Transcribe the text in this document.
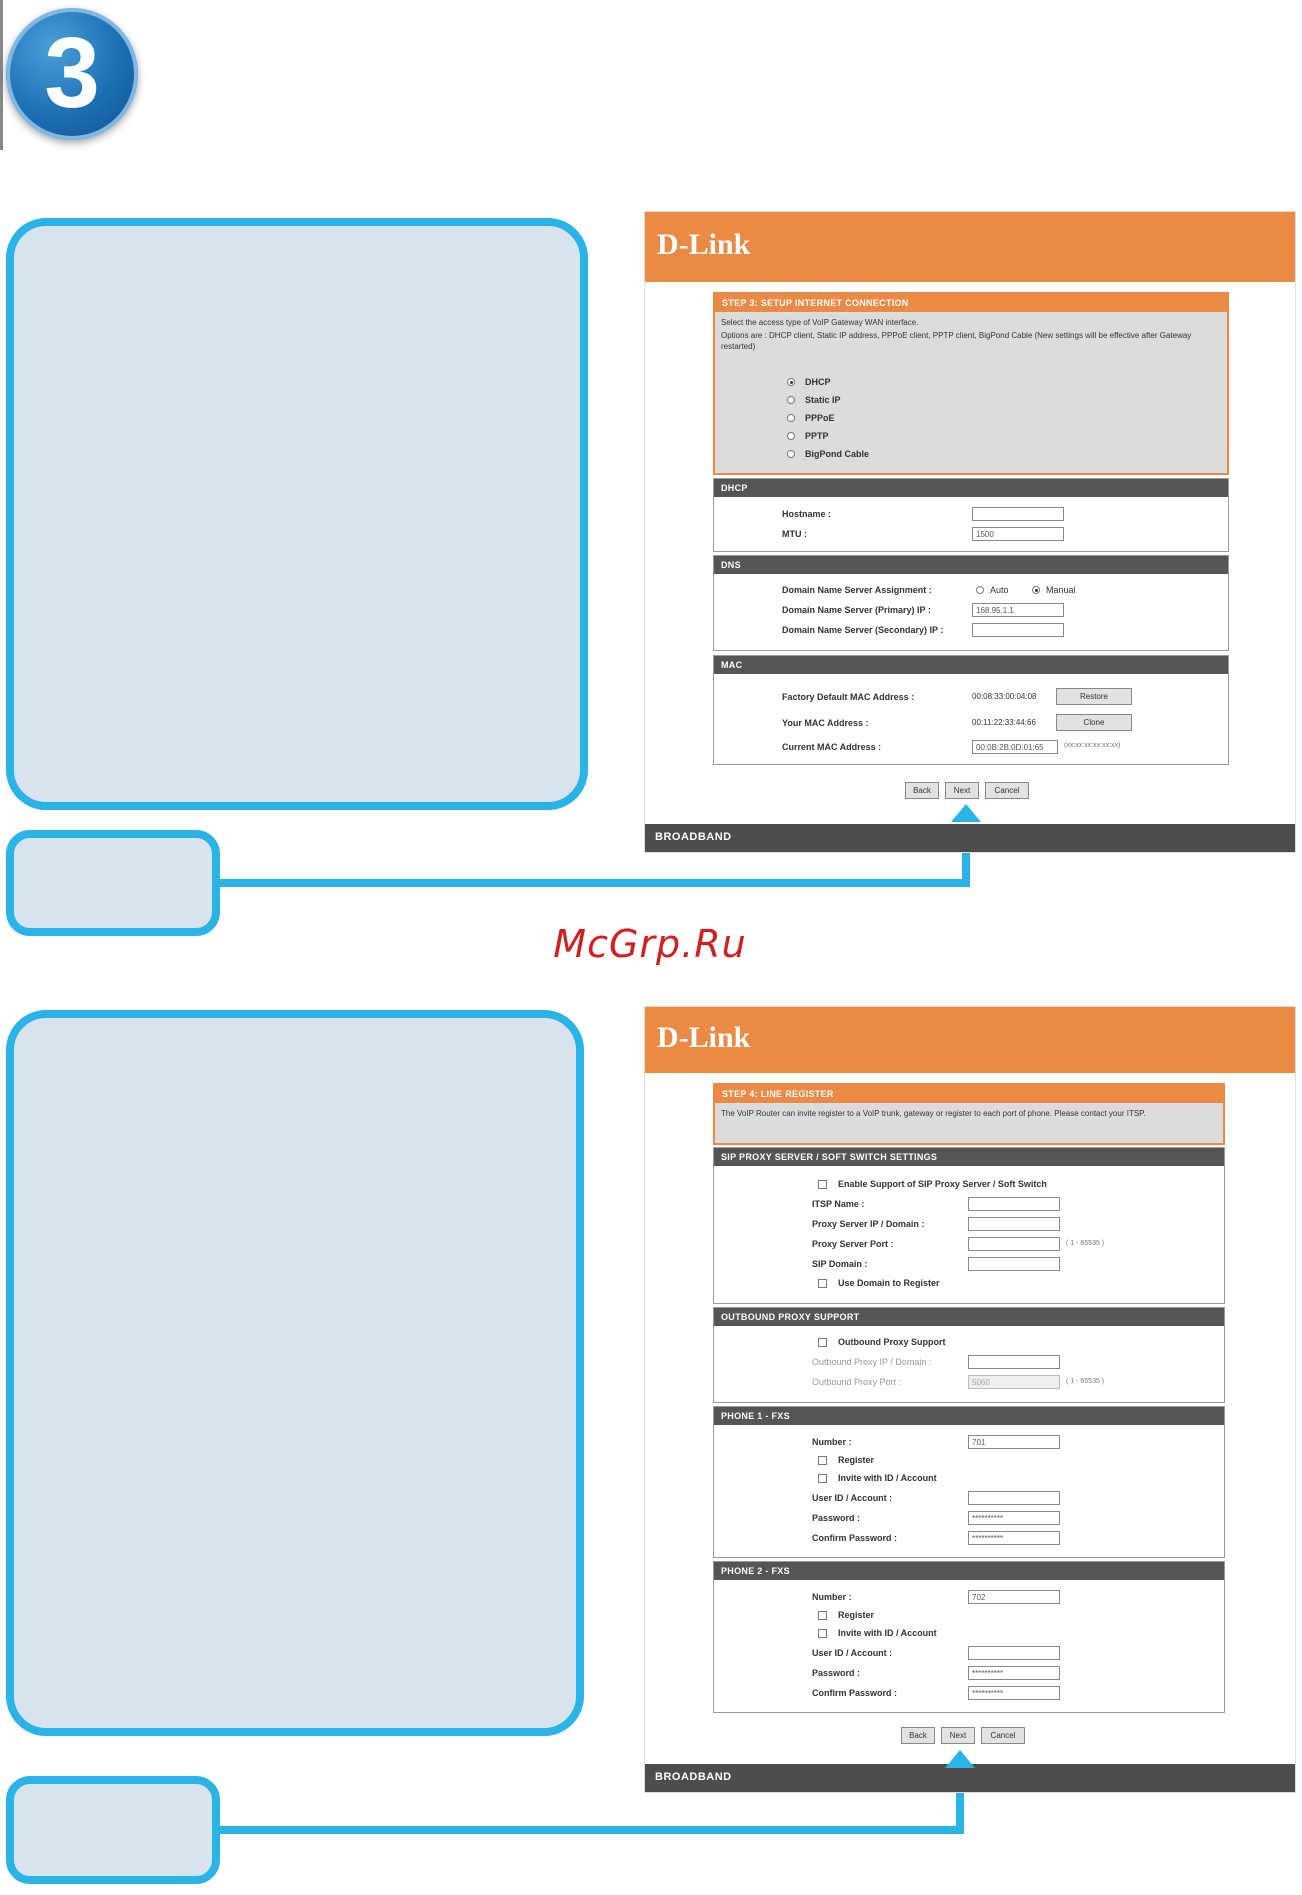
3
D-Link
STEP 3: SETUP INTERNET CONNECTION
Select the access type of VoIP Gateway WAN interface.
Options are : DHCP client, Static IP address, PPPoE client, PPTP client, BigPond Cable (New settings will be effective after Gateway restarted)
DHCP
Static IP
PPPoE
PPTP
BigPond Cable
DHCP
Hostname :
MTU :	1500
DNS
Domain Name Server Assignment :	Auto	Manual
Domain Name Server (Primary) IP :	168.95.1.1
Domain Name Server (Secondary) IP :
MAC
Factory Default MAC Address :	00:08:33:00:04:08	Restore
Your MAC Address :	00:11:22:33:44:66	Clone
Current MAC Address :	00:0B:2B:0D:01:65	(xx:xx:xx:xx:xx:xx)
Back	Next	Cancel
BROADBAND
McGrp.Ru
D-Link
STEP 4: LINE REGISTER
The VoIP Router can invite register to a VoIP trunk, gateway or register to each port of phone. Please contact your ITSP.
SIP PROXY SERVER / SOFT SWITCH SETTINGS
Enable Support of SIP Proxy Server / Soft Switch
ITSP Name :
Proxy Server IP / Domain :
Proxy Server Port :	( 1 - 65535 )
SIP Domain :
Use Domain to Register
OUTBOUND PROXY SUPPORT
Outbound Proxy Support
Outbound Proxy IP / Domain :
Outbound Proxy Port :	5060	( 1 - 65535 )
PHONE 1 - FXS
Number :	701
Register
Invite with ID / Account
User ID / Account :
Password :	**********
Confirm Password :	**********
PHONE 2 - FXS
Number :	702
Register
Invite with ID / Account
User ID / Account :
Password :	**********
Confirm Password :	**********
Back	Next	Cancel
BROADBAND
